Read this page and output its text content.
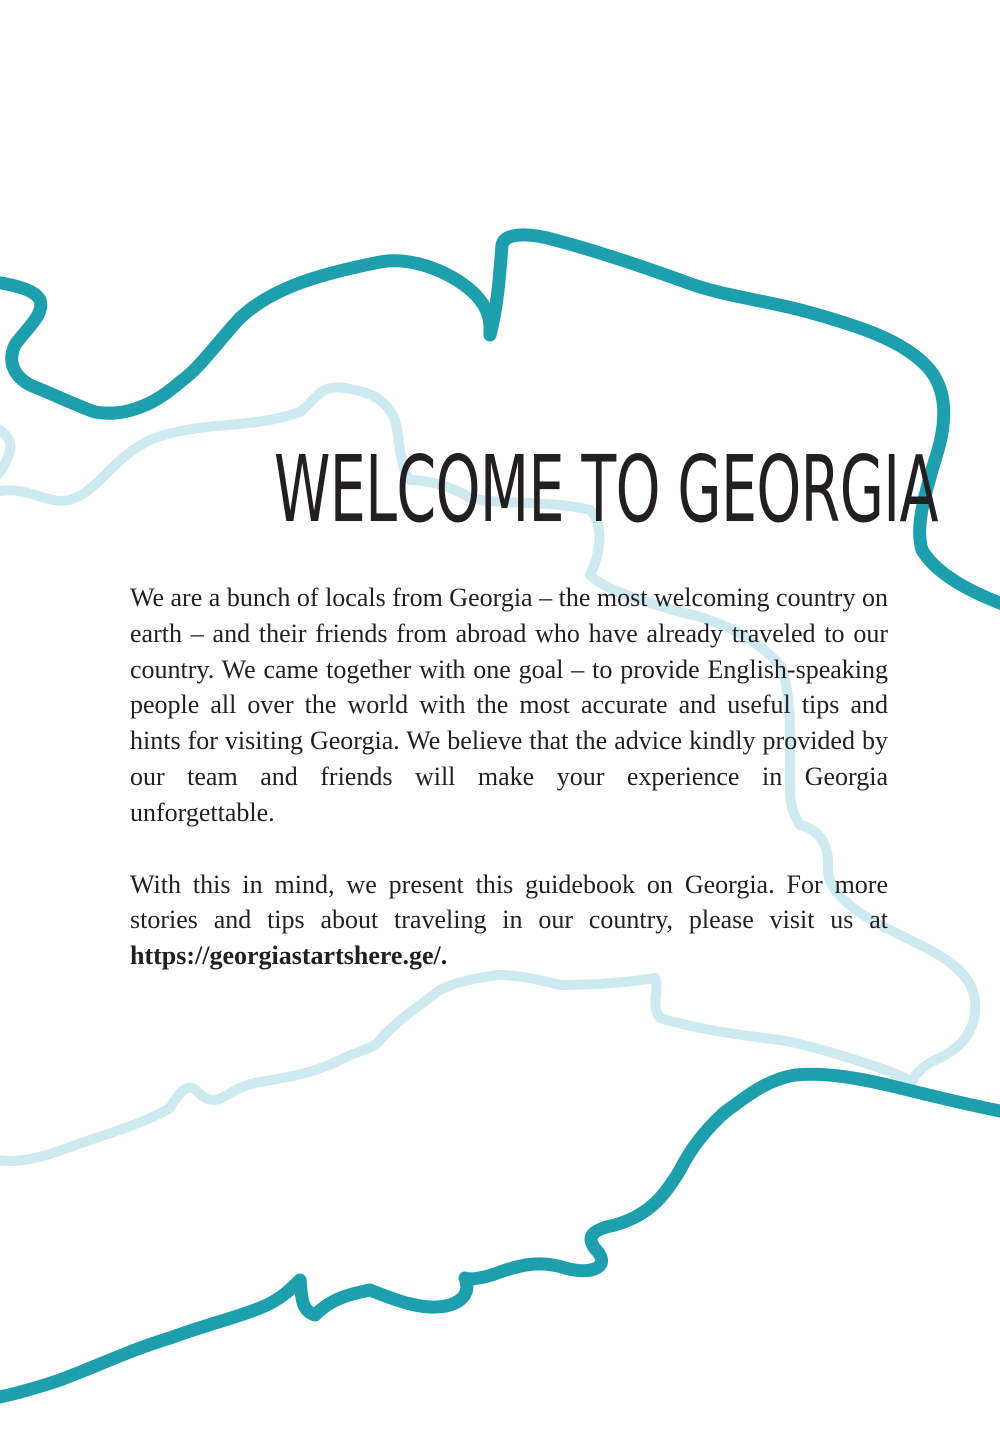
WELCOME TO GEORGIA

We are a bunch of locals from Georgia – the most welcoming country on earth – and their friends from abroad who have already traveled to our country. We came together with one goal – to provide English-speaking people all over the world with the most accurate and useful tips and hints for visiting Georgia. We believe that the advice kindly provided by our team and friends will make your experience in Georgia unforgettable.

With this in mind, we present this guidebook on Georgia. For more stories and tips about traveling in our country, please visit us at https://georgiastartshere.ge/.
